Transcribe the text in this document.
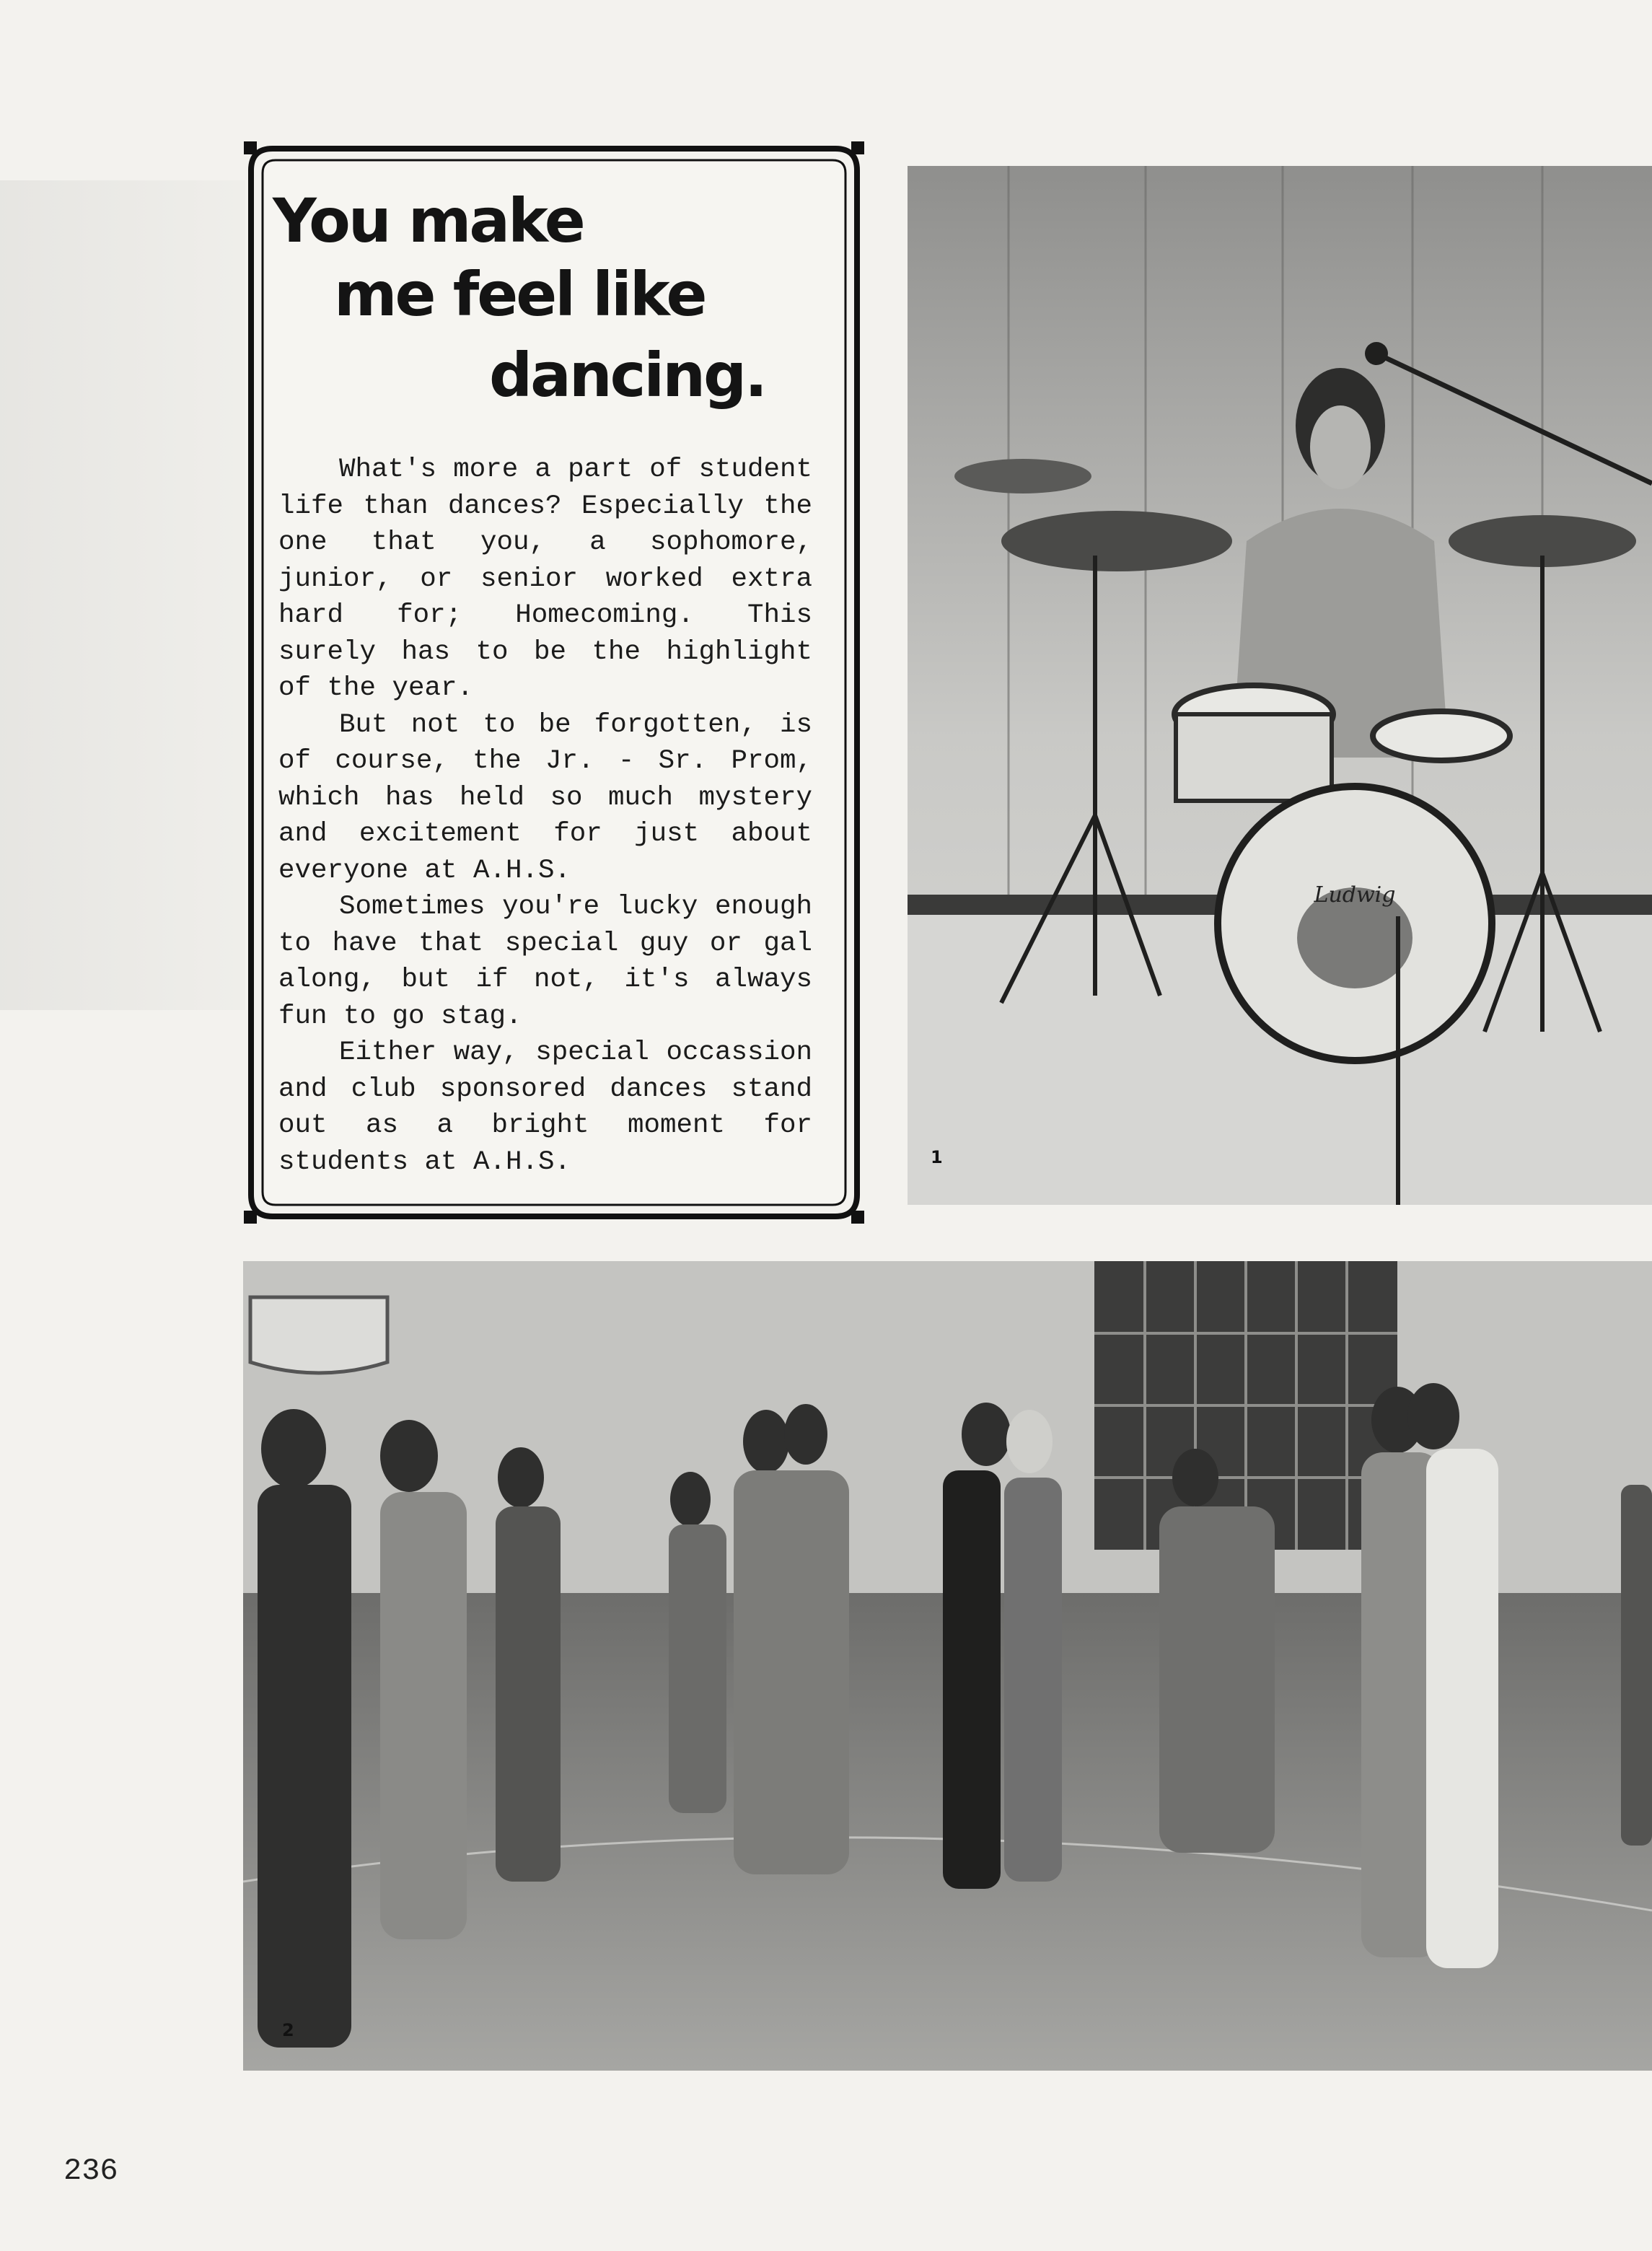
You make
me feel like
dancing.

What's more a part of student life than dances? Especially the one that you, a sophomore, junior, or senior worked extra hard for; Homecoming. This surely has to be the highlight of the year.

But not to be forgotten, is of course, the Jr. - Sr. Prom, which has held so much mystery and excitement for just about everyone at A.H.S.

Sometimes you're lucky enough to have that special guy or gal along, but if not, it's always fun to go stag.

Either way, special occassion and club sponsored dances stand out as a bright moment for students at A.H.S.

Ludwig
1
2
236
